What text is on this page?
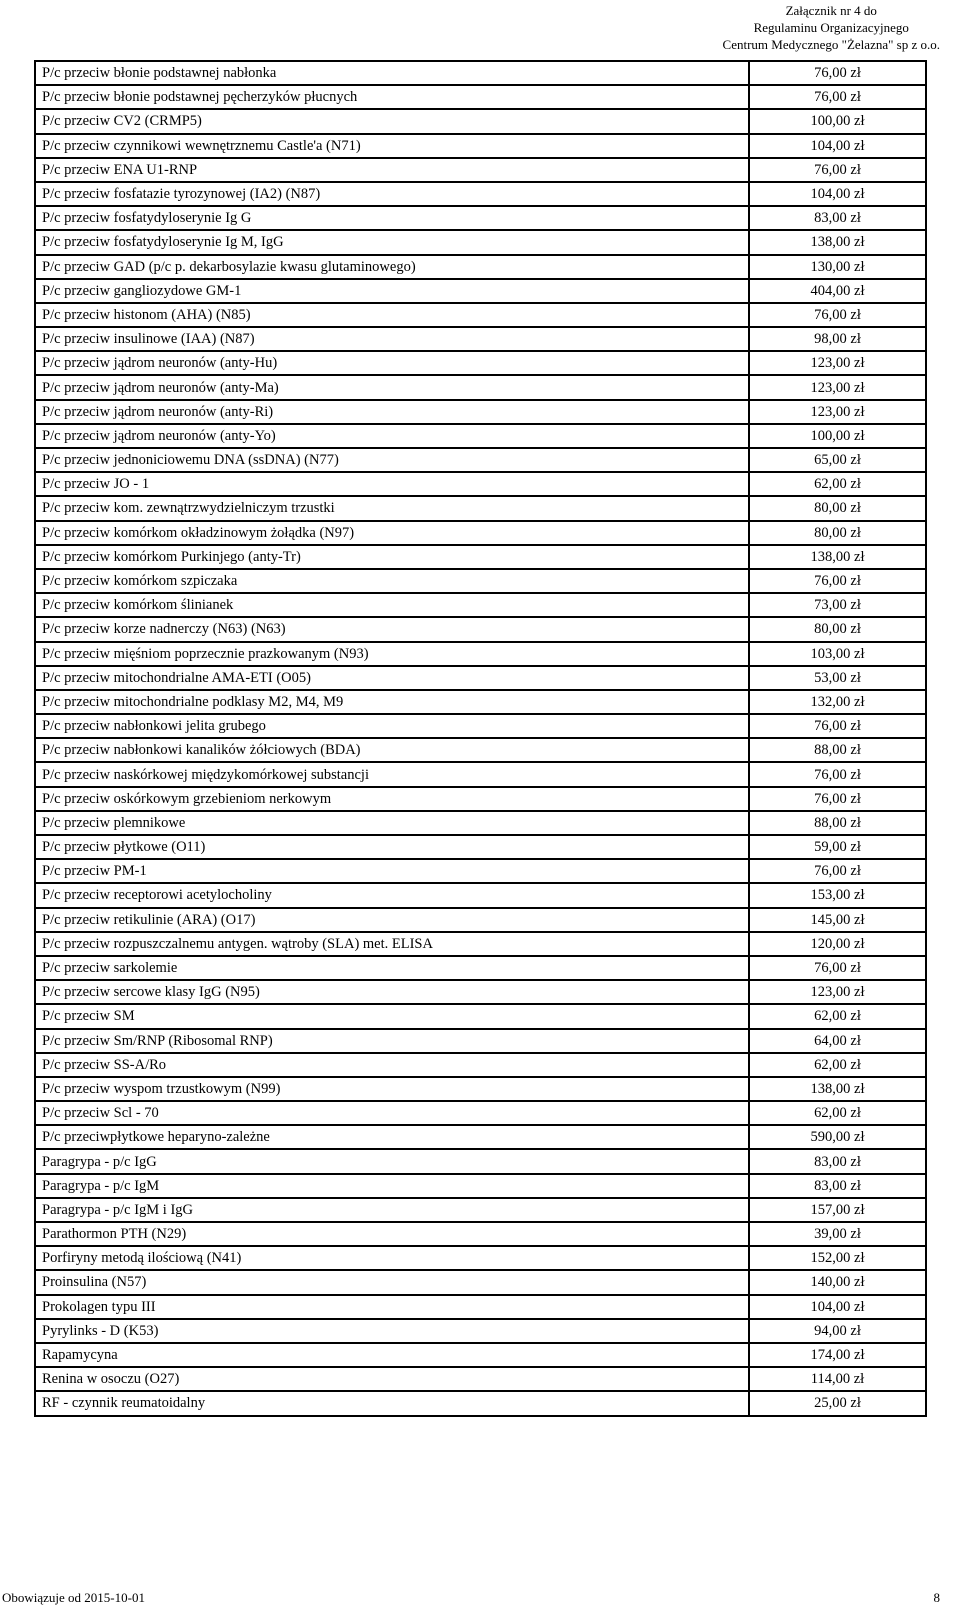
Załącznik nr 4 do
Regulaminu Organizacyjnego
Centrum Medycznego "Żelazna" sp z o.o.
P/c przeciw błonie podstawnej nabłonka	76,00 zł
P/c przeciw błonie podstawnej pęcherzyków płucnych	76,00 zł
P/c przeciw CV2 (CRMP5)	100,00 zł
P/c przeciw czynnikowi wewnętrznemu Castle'a (N71)	104,00 zł
P/c przeciw ENA U1-RNP	76,00 zł
P/c przeciw fosfatazie tyrozynowej (IA2) (N87)	104,00 zł
P/c przeciw fosfatydyloserynie Ig G	83,00 zł
P/c przeciw fosfatydyloserynie Ig M, IgG	138,00 zł
P/c przeciw GAD (p/c p. dekarbosylazie kwasu glutaminowego)	130,00 zł
P/c przeciw gangliozydowe GM-1	404,00 zł
P/c przeciw histonom (AHA) (N85)	76,00 zł
P/c przeciw insulinowe (IAA) (N87)	98,00 zł
P/c przeciw jądrom neuronów (anty-Hu)	123,00 zł
P/c przeciw jądrom neuronów (anty-Ma)	123,00 zł
P/c przeciw jądrom neuronów (anty-Ri)	123,00 zł
P/c przeciw jądrom neuronów (anty-Yo)	100,00 zł
P/c przeciw jednoniciowemu DNA (ssDNA) (N77)	65,00 zł
P/c przeciw JO - 1	62,00 zł
P/c przeciw kom. zewnątrzwydzielniczym trzustki	80,00 zł
P/c przeciw komórkom okładzinowym żołądka (N97)	80,00 zł
P/c przeciw komórkom Purkinjego (anty-Tr)	138,00 zł
P/c przeciw komórkom szpiczaka	76,00 zł
P/c przeciw komórkom ślinianek	73,00 zł
P/c przeciw korze nadnerczy (N63) (N63)	80,00 zł
P/c przeciw mięśniom poprzecznie prazkowanym (N93)	103,00 zł
P/c przeciw mitochondrialne AMA-ETI (O05)	53,00 zł
P/c przeciw mitochondrialne podklasy M2, M4, M9	132,00 zł
P/c przeciw nabłonkowi jelita grubego	76,00 zł
P/c przeciw nabłonkowi kanalików żółciowych (BDA)	88,00 zł
P/c przeciw naskórkowej międzykomórkowej substancji	76,00 zł
P/c przeciw oskórkowym grzebieniom nerkowym	76,00 zł
P/c przeciw plemnikowe	88,00 zł
P/c przeciw płytkowe (O11)	59,00 zł
P/c przeciw PM-1	76,00 zł
P/c przeciw receptorowi acetylocholiny	153,00 zł
P/c przeciw retikulinie (ARA) (O17)	145,00 zł
P/c przeciw rozpuszczalnemu antygen. wątroby (SLA) met. ELISA	120,00 zł
P/c przeciw sarkolemie	76,00 zł
P/c przeciw sercowe klasy IgG (N95)	123,00 zł
P/c przeciw SM	62,00 zł
P/c przeciw Sm/RNP (Ribosomal RNP)	64,00 zł
P/c przeciw SS-A/Ro	62,00 zł
P/c przeciw wyspom trzustkowym (N99)	138,00 zł
P/c przeciw Scl - 70	62,00 zł
P/c przeciwpłytkowe heparyno-zależne	590,00 zł
Paragrypa - p/c IgG	83,00 zł
Paragrypa - p/c IgM	83,00 zł
Paragrypa - p/c IgM i IgG	157,00 zł
Parathormon PTH (N29)	39,00 zł
Porfiryny metodą ilościową (N41)	152,00 zł
Proinsulina (N57)	140,00 zł
Prokolagen typu III	104,00 zł
Pyrylinks - D (K53)	94,00 zł
Rapamycyna	174,00 zł
Renina w osoczu (O27)	114,00 zł
RF - czynnik reumatoidalny	25,00 zł
Obowiązuje od 2015-10-01	8
